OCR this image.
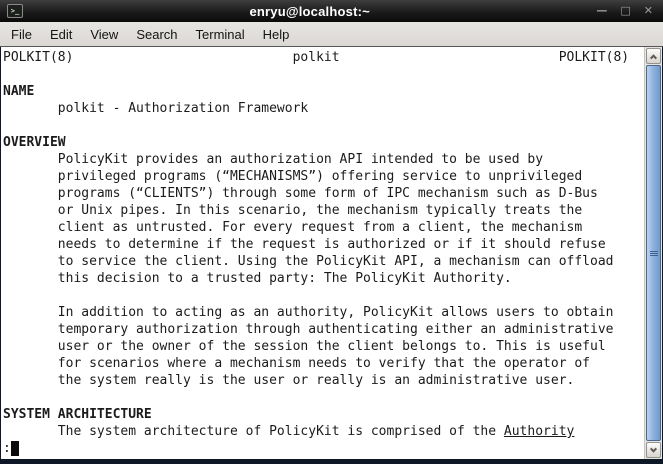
>_	enryu@localhost:~	— □ ✕
File	Edit	View	Search	Terminal	Help
POLKIT(8)                            polkit                            POLKIT(8)

NAME
polkit - Authorization Framework

OVERVIEW
PolicyKit provides an authorization API intended to be used by
privileged programs (“MECHANISMS”) offering service to unprivileged
programs (“CLIENTS”) through some form of IPC mechanism such as D-Bus
or Unix pipes. In this scenario, the mechanism typically treats the
client as untrusted. For every request from a client, the mechanism
needs to determine if the request is authorized or if it should refuse
to service the client. Using the PolicyKit API, a mechanism can offload
this decision to a trusted party: The PolicyKit Authority.

In addition to acting as an authority, PolicyKit allows users to obtain
temporary authorization through authenticating either an administrative
user or the owner of the session the client belongs to. This is useful
for scenarios where a mechanism needs to verify that the operator of
the system really is the user or really is an administrative user.

SYSTEM ARCHITECTURE
The system architecture of PolicyKit is comprised of the Authority
:
